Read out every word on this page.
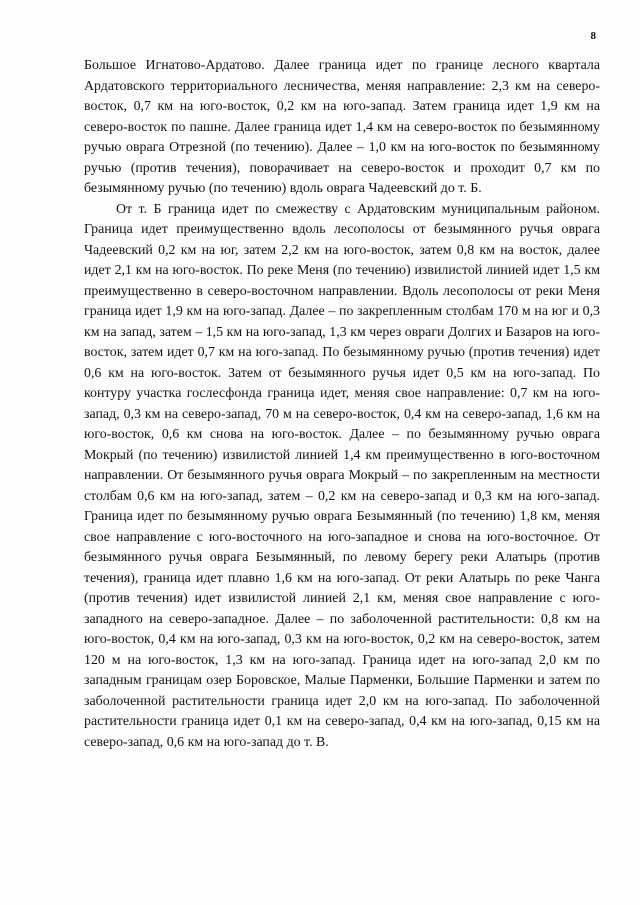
8

Большое Игнатово-Ардатово. Далее граница идет по границе лесного квартала Ардатовского территориального лесничества, меняя направление: 2,3 км на северо-восток, 0,7 км на юго-восток, 0,2 км на юго-запад. Затем граница идет 1,9 км на северо-восток по пашне. Далее граница идет 1,4 км на северо-восток по безымянному ручью оврага Отрезной (по течению). Далее – 1,0 км на юго-восток по безымянному ручью (против течения), поворачивает на северо-восток и проходит 0,7 км по безымянному ручью (по течению) вдоль оврага Чадеевский до т. Б.

От т. Б граница идет по смежеству с Ардатовским муниципальным районом. Граница идет преимущественно вдоль лесополосы от безымянного ручья оврага Чадеевский 0,2 км на юг, затем 2,2 км на юго-восток, затем 0,8 км на восток, далее идет 2,1 км на юго-восток. По реке Меня (по течению) извилистой линией идет 1,5 км преимущественно в северо-восточном направлении. Вдоль лесополосы от реки Меня граница идет 1,9 км на юго-запад. Далее – по закрепленным столбам 170 м на юг и 0,3 км на запад, затем – 1,5 км на юго-запад, 1,3 км через овраги Долгих и Базаров на юго-восток, затем идет 0,7 км на юго-запад. По безымянному ручью (против течения) идет 0,6 км на юго-восток. Затем от безымянного ручья идет 0,5 км на юго-запад. По контуру участка гослесфонда граница идет, меняя свое направление: 0,7 км на юго-запад, 0,3 км на северо-запад, 70 м на северо-восток, 0,4 км на северо-запад, 1,6 км на юго-восток, 0,6 км снова на юго-восток. Далее – по безымянному ручью оврага Мокрый (по течению) извилистой линией 1,4 км преимущественно в юго-восточном направлении. От безымянного ручья оврага Мокрый – по закрепленным на местности столбам 0,6 км на юго-запад, затем – 0,2 км на северо-запад и 0,3 км на юго-запад. Граница идет по безымянному ручью оврага Безымянный (по течению) 1,8 км, меняя свое направление с юго-восточного на юго-западное и снова на юго-восточное. От безымянного ручья оврага Безымянный, по левому берегу реки Алатырь (против течения), граница идет плавно 1,6 км на юго-запад. От реки Алатырь по реке Чанга (против течения) идет извилистой линией 2,1 км, меняя свое направление с юго-западного на северо-западное. Далее – по заболоченной растительности: 0,8 км на юго-восток, 0,4 км на юго-запад, 0,3 км на юго-восток, 0,2 км на северо-восток, затем 120 м на юго-восток, 1,3 км на юго-запад. Граница идет на юго-запад 2,0 км по западным границам озер Боровское, Малые Парменки, Большие Парменки и затем по заболоченной растительности граница идет 2,0 км на юго-запад. По заболоченной растительности граница идет 0,1 км на северо-запад, 0,4 км на юго-запад, 0,15 км на северо-запад, 0,6 км на юго-запад до т. В.
